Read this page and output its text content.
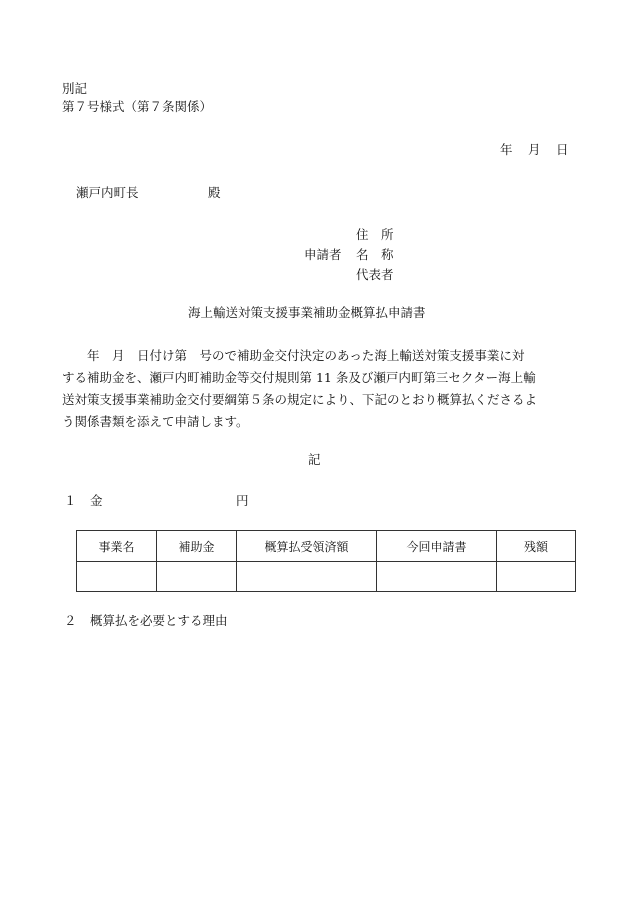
別記
第７号様式（第７条関係）
年 月 日
瀬戸内町長	殿
住　所
申請者 名　称
代表者
海上輸送対策支援事業補助金概算払申請書
　　年　月　日付け第　号ので補助金交付決定のあった海上輸送対策支援事業に対
する補助金を、瀬戸内町補助金等交付規則第 11 条及び瀬戸内町第三セクター海上輸
送対策支援事業補助金交付要綱第５条の規定により、下記のとおり概算払くださるよ
う関係書類を添えて申請します。
記
１ 金	円
事業名	補助金	概算払受領済額	今回申請書	残額

２ 概算払を必要とする理由
